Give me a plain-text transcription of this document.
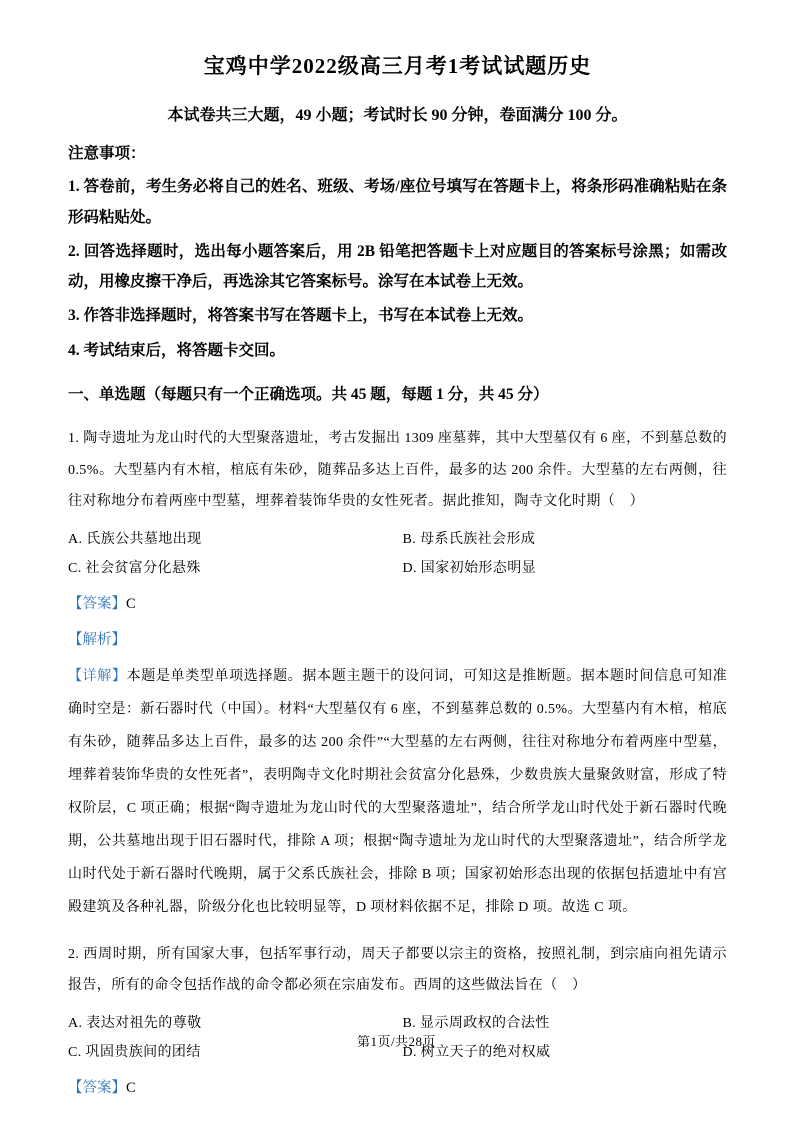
宝鸡中学2022级高三月考1考试试题历史

本试卷共三大题，49 小题；考试时长 90 分钟，卷面满分 100 分。

注意事项：

1. 答卷前，考生务必将自己的姓名、班级、考场/座位号填写在答题卡上，将条形码准确粘贴在条形码粘贴处。

2. 回答选择题时，选出每小题答案后，用 2B 铅笔把答题卡上对应题目的答案标号涂黑；如需改动，用橡皮擦干净后，再选涂其它答案标号。涂写在本试卷上无效。

3. 作答非选择题时，将答案书写在答题卡上，书写在本试卷上无效。

4. 考试结束后，将答题卡交回。

一、单选题（每题只有一个正确选项。共 45 题，每题 1 分，共 45 分）

1. 陶寺遗址为龙山时代的大型聚落遗址，考古发掘出 1309 座墓葬，其中大型墓仅有 6 座，不到墓总数的 0.5%。大型墓内有木棺，棺底有朱砂，随葬品多达上百件，最多的达 200 余件。大型墓的左右两侧，往往对称地分布着两座中型墓，埋葬着装饰华贵的女性死者。据此推知，陶寺文化时期（　）

A. 氏族公共墓地出现	B. 母系氏族社会形成
C. 社会贫富分化悬殊	D. 国家初始形态明显

【答案】C

【解析】

【详解】本题是单类型单项选择题。据本题主题干的设问词，可知这是推断题。据本题时间信息可知准确时空是：新石器时代（中国）。材料“大型墓仅有 6 座，不到墓葬总数的 0.5%。大型墓内有木棺，棺底有朱砂，随葬品多达上百件，最多的达 200 余件”“大型墓的左右两侧，往往对称地分布着两座中型墓，埋葬着装饰华贵的女性死者”，表明陶寺文化时期社会贫富分化悬殊，少数贵族大量聚敛财富，形成了特权阶层，C 项正确；根据“陶寺遗址为龙山时代的大型聚落遗址”，结合所学龙山时代处于新石器时代晚期，公共墓地出现于旧石器时代，排除 A 项；根据“陶寺遗址为龙山时代的大型聚落遗址”，结合所学龙山时代处于新石器时代晚期，属于父系氏族社会，排除 B 项；国家初始形态出现的依据包括遗址中有宫殿建筑及各种礼器，阶级分化也比较明显等，D 项材料依据不足，排除 D 项。故选 C 项。

2. 西周时期，所有国家大事，包括军事行动，周天子都要以宗主的资格，按照礼制，到宗庙向祖先请示报告，所有的命令包括作战的命令都必须在宗庙发布。西周的这些做法旨在（　）

A. 表达对祖先的尊敬	B. 显示周政权的合法性
C. 巩固贵族间的团结	D. 树立天子的绝对权威

【答案】C

第1页/共28页
